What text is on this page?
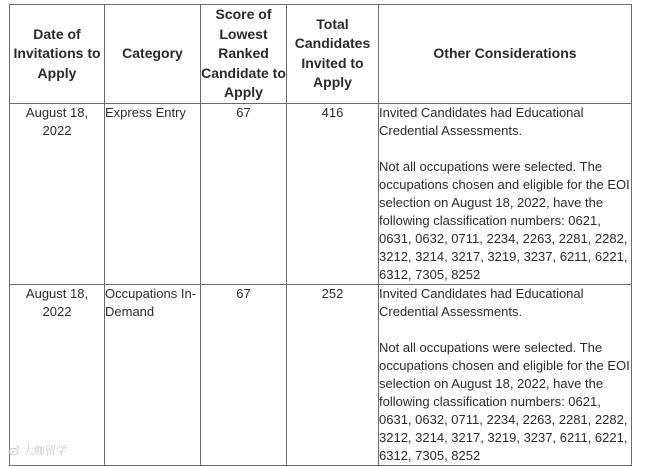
Date of Invitations to Apply	Category	Score of Lowest Ranked Candidate to Apply	Total Candidates Invited to Apply	Other Considerations
August 18, 2022	Express Entry	67	416	Invited Candidates had Educational Credential Assessments.

Not all occupations were selected. The occupations chosen and eligible for the EOI selection on August 18, 2022, have the following classification numbers: 0621, 0631, 0632, 0711, 2234, 2263, 2281, 2282, 3212, 3214, 3217, 3219, 3237, 6211, 6221, 6312, 7305, 8252

August 18, 2022	Occupations In-Demand	67	252	Invited Candidates had Educational Credential Assessments.

Not all occupations were selected. The occupations chosen and eligible for the EOI selection on August 18, 2022, have the following classification numbers: 0621, 0631, 0632, 0711, 2234, 2263, 2281, 2282, 3212, 3214, 3217, 3219, 3237, 6211, 6221, 6312, 7305, 8252

大咖留学
